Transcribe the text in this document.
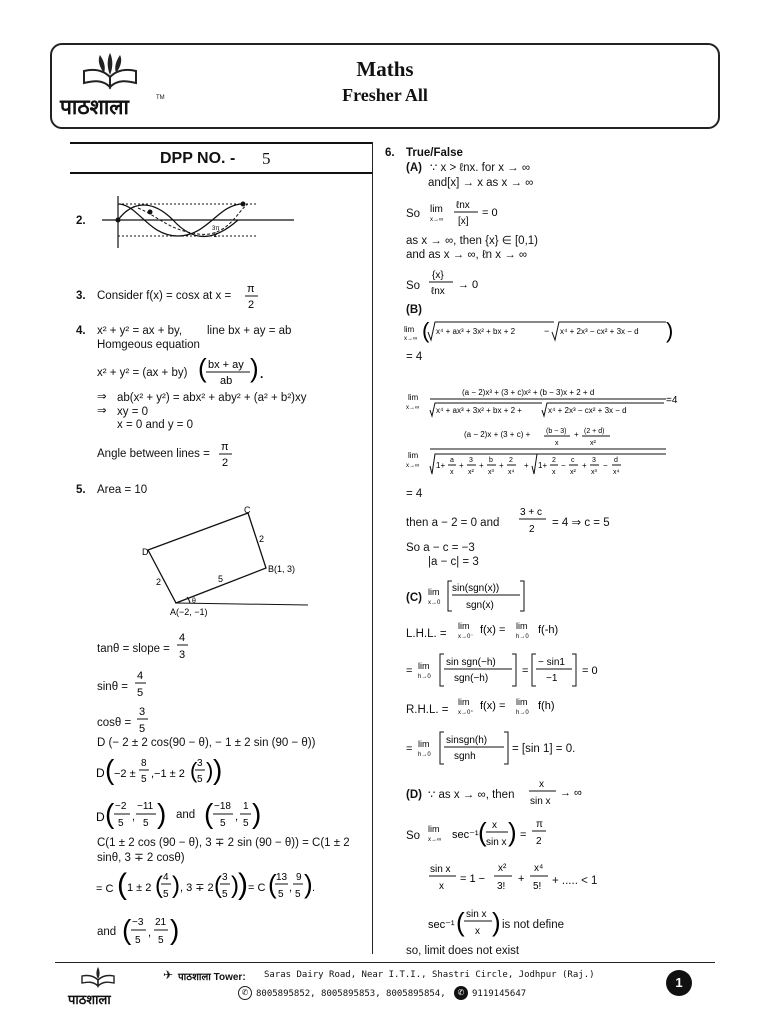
पाठशाला	TM
Maths
Fresher All
DPP NO. - 5
2.
3π
2
3. Consider f(x) = cosx at x =
π
2
4. x² + y² = ax + by, line bx + ay = ab
Homgeous equation
x² + y² = (ax + by) ( bx + ay
ab ) .
⇒ ab(x² + y²) = abx² + aby² + (a² + b²)xy
⇒ xy = 0
x = 0 and y = 0
Angle between lines =
π
2
5. Area = 10
C
D
B(1, 3)
A(−2, −1)
2
2	5
θ
tanθ = slope =
4
3
sinθ =
4
5
cosθ =
3
5
D (− 2 ± 2 cos(90 − θ), − 1 ± 2 sin (90 − θ))
D ( −2 ±
8
5 ,−1 ± 2 ( 3
5 ) )
D ( −2
5
,
−11
5 ) ( −18
5
,
1
5 )
and
C(1 ± 2 cos (90 − θ), 3 ∓ 2 sin (90 − θ)) = C(1 ± 2
sinθ, 3 ∓ 2 cosθ)
= C ( 1 ± 2 ( 4
5 ) , 3 ∓ 2 ( 3
5 ) ) = C ( 13
5
,
9
5 ) .
and ( −3
5
,
21
5 )
6. True/False
(A) ∵ x > ℓnx. for x → ∞
and[x] → x as x → ∞
So lim
x→∞
ℓnx
[x]
= 0
as x → ∞, then {x} ∈ [0,1)
and as x → ∞, ℓn x → ∞
So
{x}
ℓnx
→ 0
(B)
lim
x→∞ ( x⁴ + ax³ + 3x² + bx + 2	− x⁴ + 2x³ − cx² + 3x − d )
= 4
lim
x→∞
(a − 2)x³ + (3 + c)x² + (b − 3)x + 2 + d
x⁴ + ax³ + 3x² + bx + 2 +	x⁴ + 2x³ − cx² + 3x − d
=4
lim
x→∞
(a − 2)x + (3 + c) + (b − 3)
x
+ (2 + d)
x²
1+
a
x
+
3
x²
+
b
x³
+
2
x⁴
+ 1+
2
x
−
c
x²
+
3
x³
−
d
x⁴
= 4
then a − 2 = 0 and
3 + c
2
= 4 ⇒ c = 5
So a − c = −3
|a − c| = 3
(C) lim
x→0
sin(sgn(x))
sgn(x)
L.H.L. =
lim
x→0⁻
f(x) = lim
h→0
f(-h)
= lim
h→0
sin sgn(−h)
sgn(−h)
=
− sin1
−1
= 0
R.H.L. =
lim
x→0⁺
f(x) = lim
h→0
f(h)
= lim
h→0
sinsgn(h)
sgnh
= [sin 1] = 0.
(D) ∵ as x → ∞, then
x
sin x
→ ∞
So
lim
x→∞ sec⁻¹ ( x
sin x ) =
π
2
sin x
x
= 1 −
x²
3!
+
x⁴
5! + ..... < 1
sec⁻¹ ( sin x
x ) is not define
so, limit does not exist
पाठशाला
✈ पाठशाला Tower: Saras Dairy Road, Near I.T.I., Shastri Circle, Jodhpur (Raj.)
✆ 8005895852, 8005895853, 8005895854,	✆ 9119145647
1
